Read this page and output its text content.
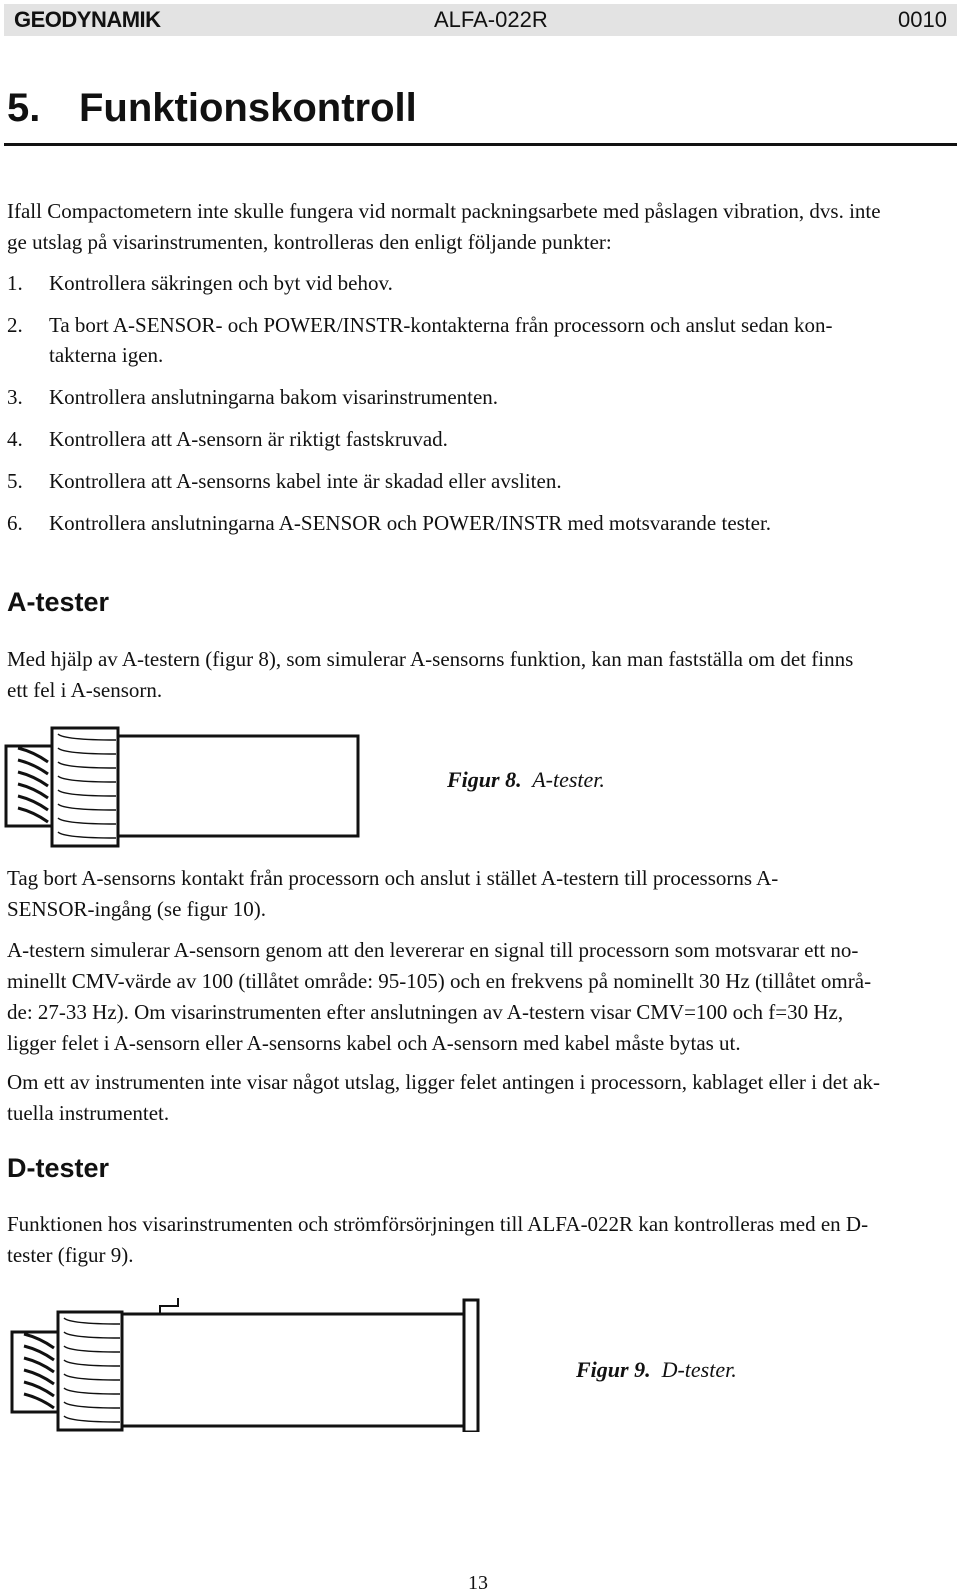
GEODYNAMIK	ALFA-022R	0010
5. Funktionskontroll
Ifall Compactometern inte skulle fungera vid normalt packningsarbete med påslagen vibration, dvs. inte
ge utslag på visarinstrumenten, kontrolleras den enligt följande punkter:
1. Kontrollera säkringen och byt vid behov.
2. Ta bort A-SENSOR- och POWER/INSTR-kontakterna från processorn och anslut sedan kon-
takterna igen.
3. Kontrollera anslutningarna bakom visarinstrumenten.
4. Kontrollera att A-sensorn är riktigt fastskruvad.
5. Kontrollera att A-sensorns kabel inte är skadad eller avsliten.
6. Kontrollera anslutningarna A-SENSOR och POWER/INSTR med motsvarande tester.
A-tester
Med hjälp av A-testern (figur 8), som simulerar A-sensorns funktion, kan man fastställa om det finns
ett fel i A-sensorn.
Figur 8. A-tester.
Tag bort A-sensorns kontakt från processorn och anslut i stället A-testern till processorns A-
SENSOR-ingång (se figur 10).
A-testern simulerar A-sensorn genom att den levererar en signal till processorn som motsvarar ett no-
minellt CMV-värde av 100 (tillåtet område: 95-105) och en frekvens på nominellt 30 Hz (tillåtet områ-
de: 27-33 Hz). Om visarinstrumenten efter anslutningen av A-testern visar CMV=100 och f=30 Hz,
ligger felet i A-sensorn eller A-sensorns kabel och A-sensorn med kabel måste bytas ut.
Om ett av instrumenten inte visar något utslag, ligger felet antingen i processorn, kablaget eller i det ak-
tuella instrumentet.
D-tester
Funktionen hos visarinstrumenten och strömförsörjningen till ALFA-022R kan kontrolleras med en D-
tester (figur 9).
Figur 9. D-tester.
13
